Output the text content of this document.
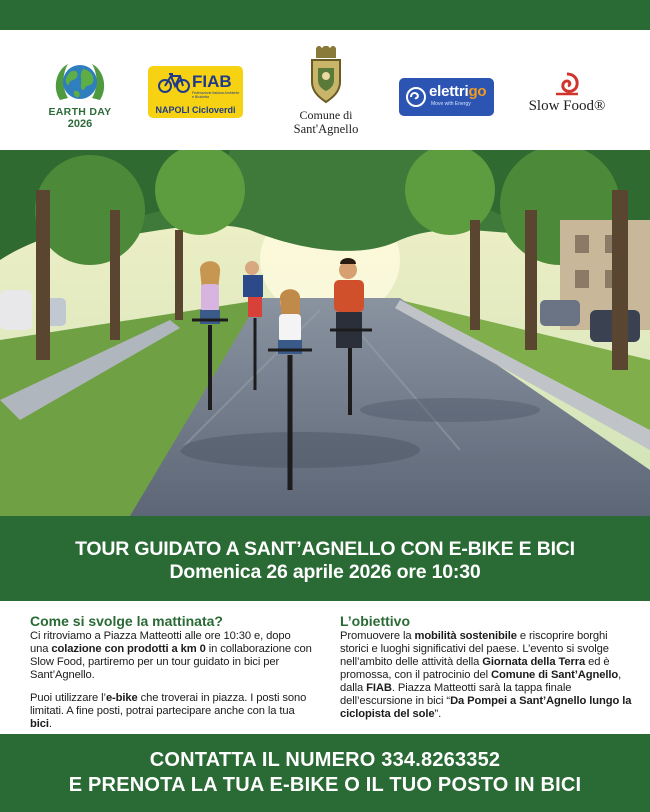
EARTH DAY
2026
FIAB
Federazione Italiana Ambiente e Bicicletta
NAPOLI Cicloverdi	Comune di
Sant'Agnello
elettrigo
Move with Energy	Slow Food®
TOUR GUIDATO A SANT’AGNELLO CON E-BIKE E BICI
Domenica 26 aprile 2026 ore 10:30
Come si svolge la mattinata?

Ci ritroviamo a Piazza Matteotti alle ore 10:30 e, dopo una colazione con prodotti a km 0 in collaborazione con Slow Food, partiremo per un tour guidato in bici per Sant’Agnello.

Puoi utilizzare l’e-bike che troverai in piazza. I posti sono limitati. A fine posti, potrai partecipare anche con la tua bici.

L’obiettivo

Promuovere la mobilità sostenibile e riscoprire borghi storici e luoghi significativi del paese. L’evento si svolge nell’ambito delle attività della Giornata della Terra ed è promossa, con il patrocinio del Comune di Sant’Agnello, dalla FIAB. Piazza Matteotti sarà la tappa finale dell’escursione in bici “Da Pompei a Sant’Agnello lungo la ciclopista del sole”.

CONTATTA IL NUMERO 334.8263352
E PRENOTA LA TUA E-BIKE O IL TUO POSTO IN BICI
